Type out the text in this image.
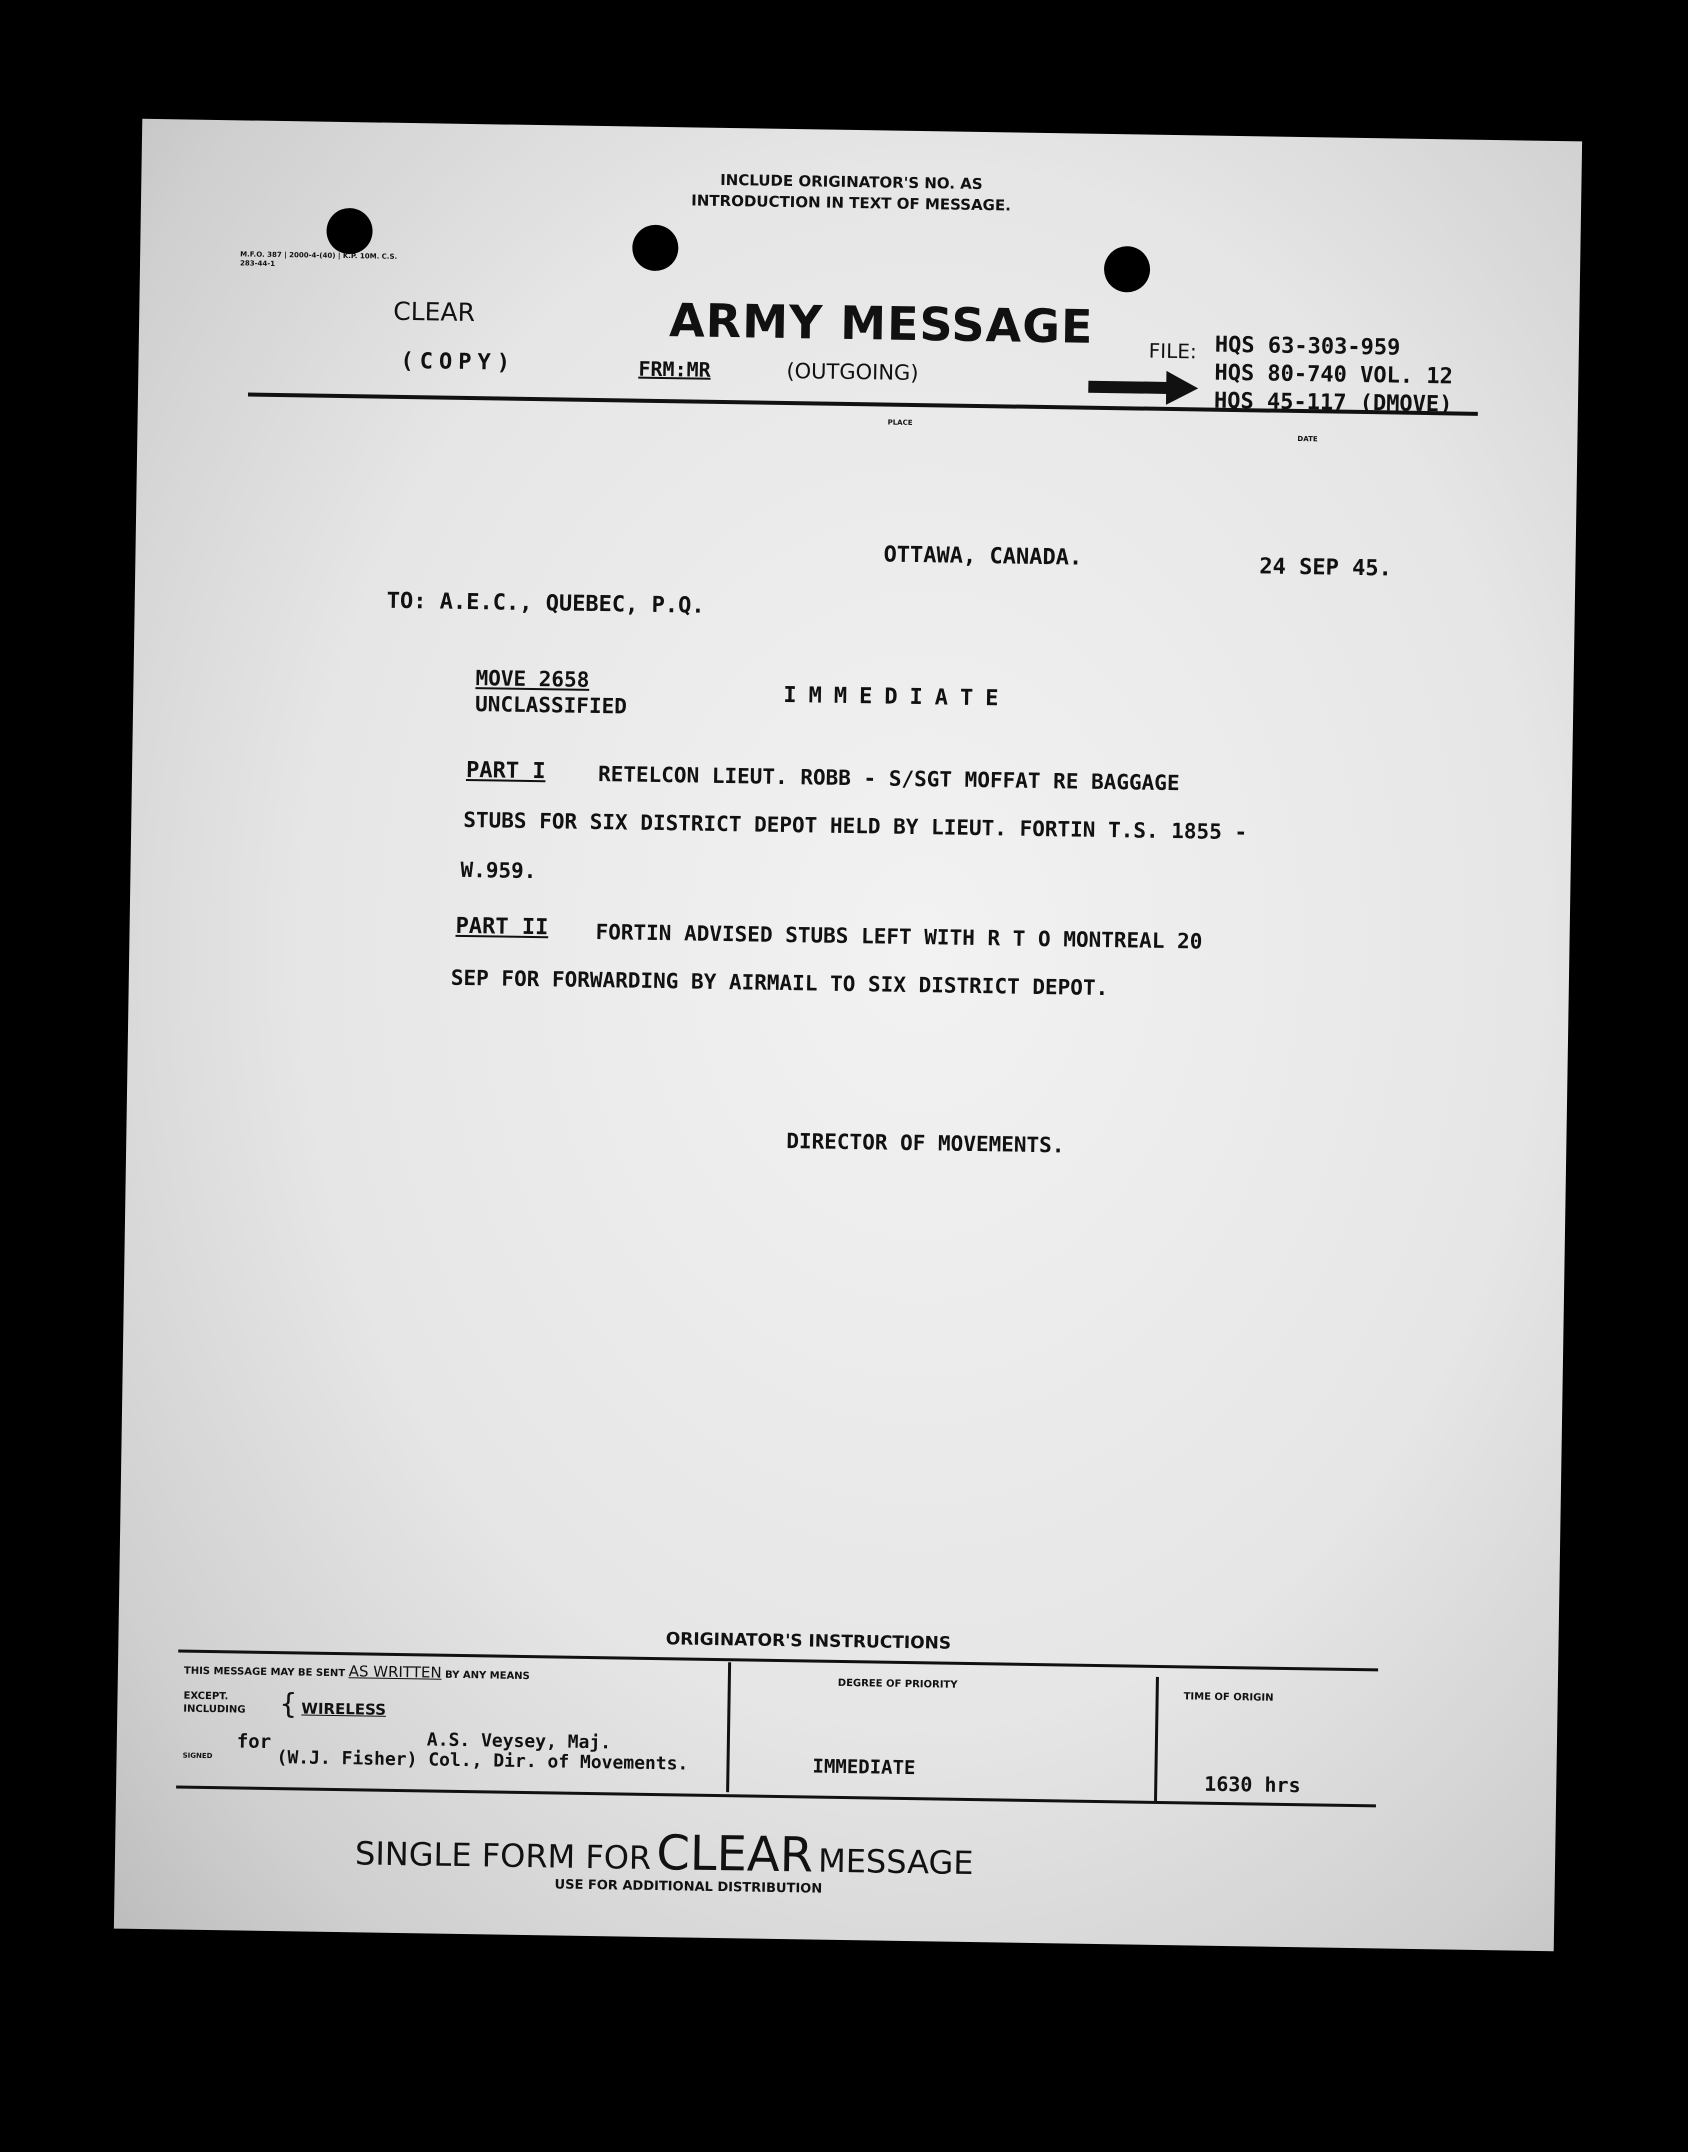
INCLUDE ORIGINATOR'S NO. AS INTRODUCTION IN TEXT OF MESSAGE.
M.F.O. 387 | 2000-4-(40) | K.P. 10M. C.S. 283-44-1
CLEAR
(COPY)	FRM:MR
ARMY MESSAGE
(OUTGOING)
FILE: HQS 63-303-959
HQS 80-740 VOL. 12
HQS 45-117 (DMOVE)
PLACE
DATE
OTTAWA, CANADA.	24 SEP 45.
TO: A.E.C., QUEBEC, P.Q.
MOVE 2658
UNCLASSIFIED	IMMEDIATE
PART I RETELCON LIEUT. ROBB - S/SGT MOFFAT RE BAGGAGE
STUBS FOR SIX DISTRICT DEPOT HELD BY LIEUT. FORTIN T.S. 1855 -
W.959.
PART II FORTIN ADVISED STUBS LEFT WITH R T O MONTREAL 20
SEP FOR FORWARDING BY AIRMAIL TO SIX DISTRICT DEPOT.
DIRECTOR OF MOVEMENTS.
ORIGINATOR'S INSTRUCTIONS
THIS MESSAGE MAY BE SENT AS WRITTEN BY ANY MEANS
EXCEPT. INCLUDING	{ WIRELESS
SIGNED
for	A.S. Veysey, Maj.
(W.J. Fisher) Col., Dir. of Movements.
DEGREE OF PRIORITY
IMMEDIATE
TIME OF ORIGIN
1630 hrs
SINGLE FORM FOR CLEAR MESSAGE
USE FOR ADDITIONAL DISTRIBUTION
